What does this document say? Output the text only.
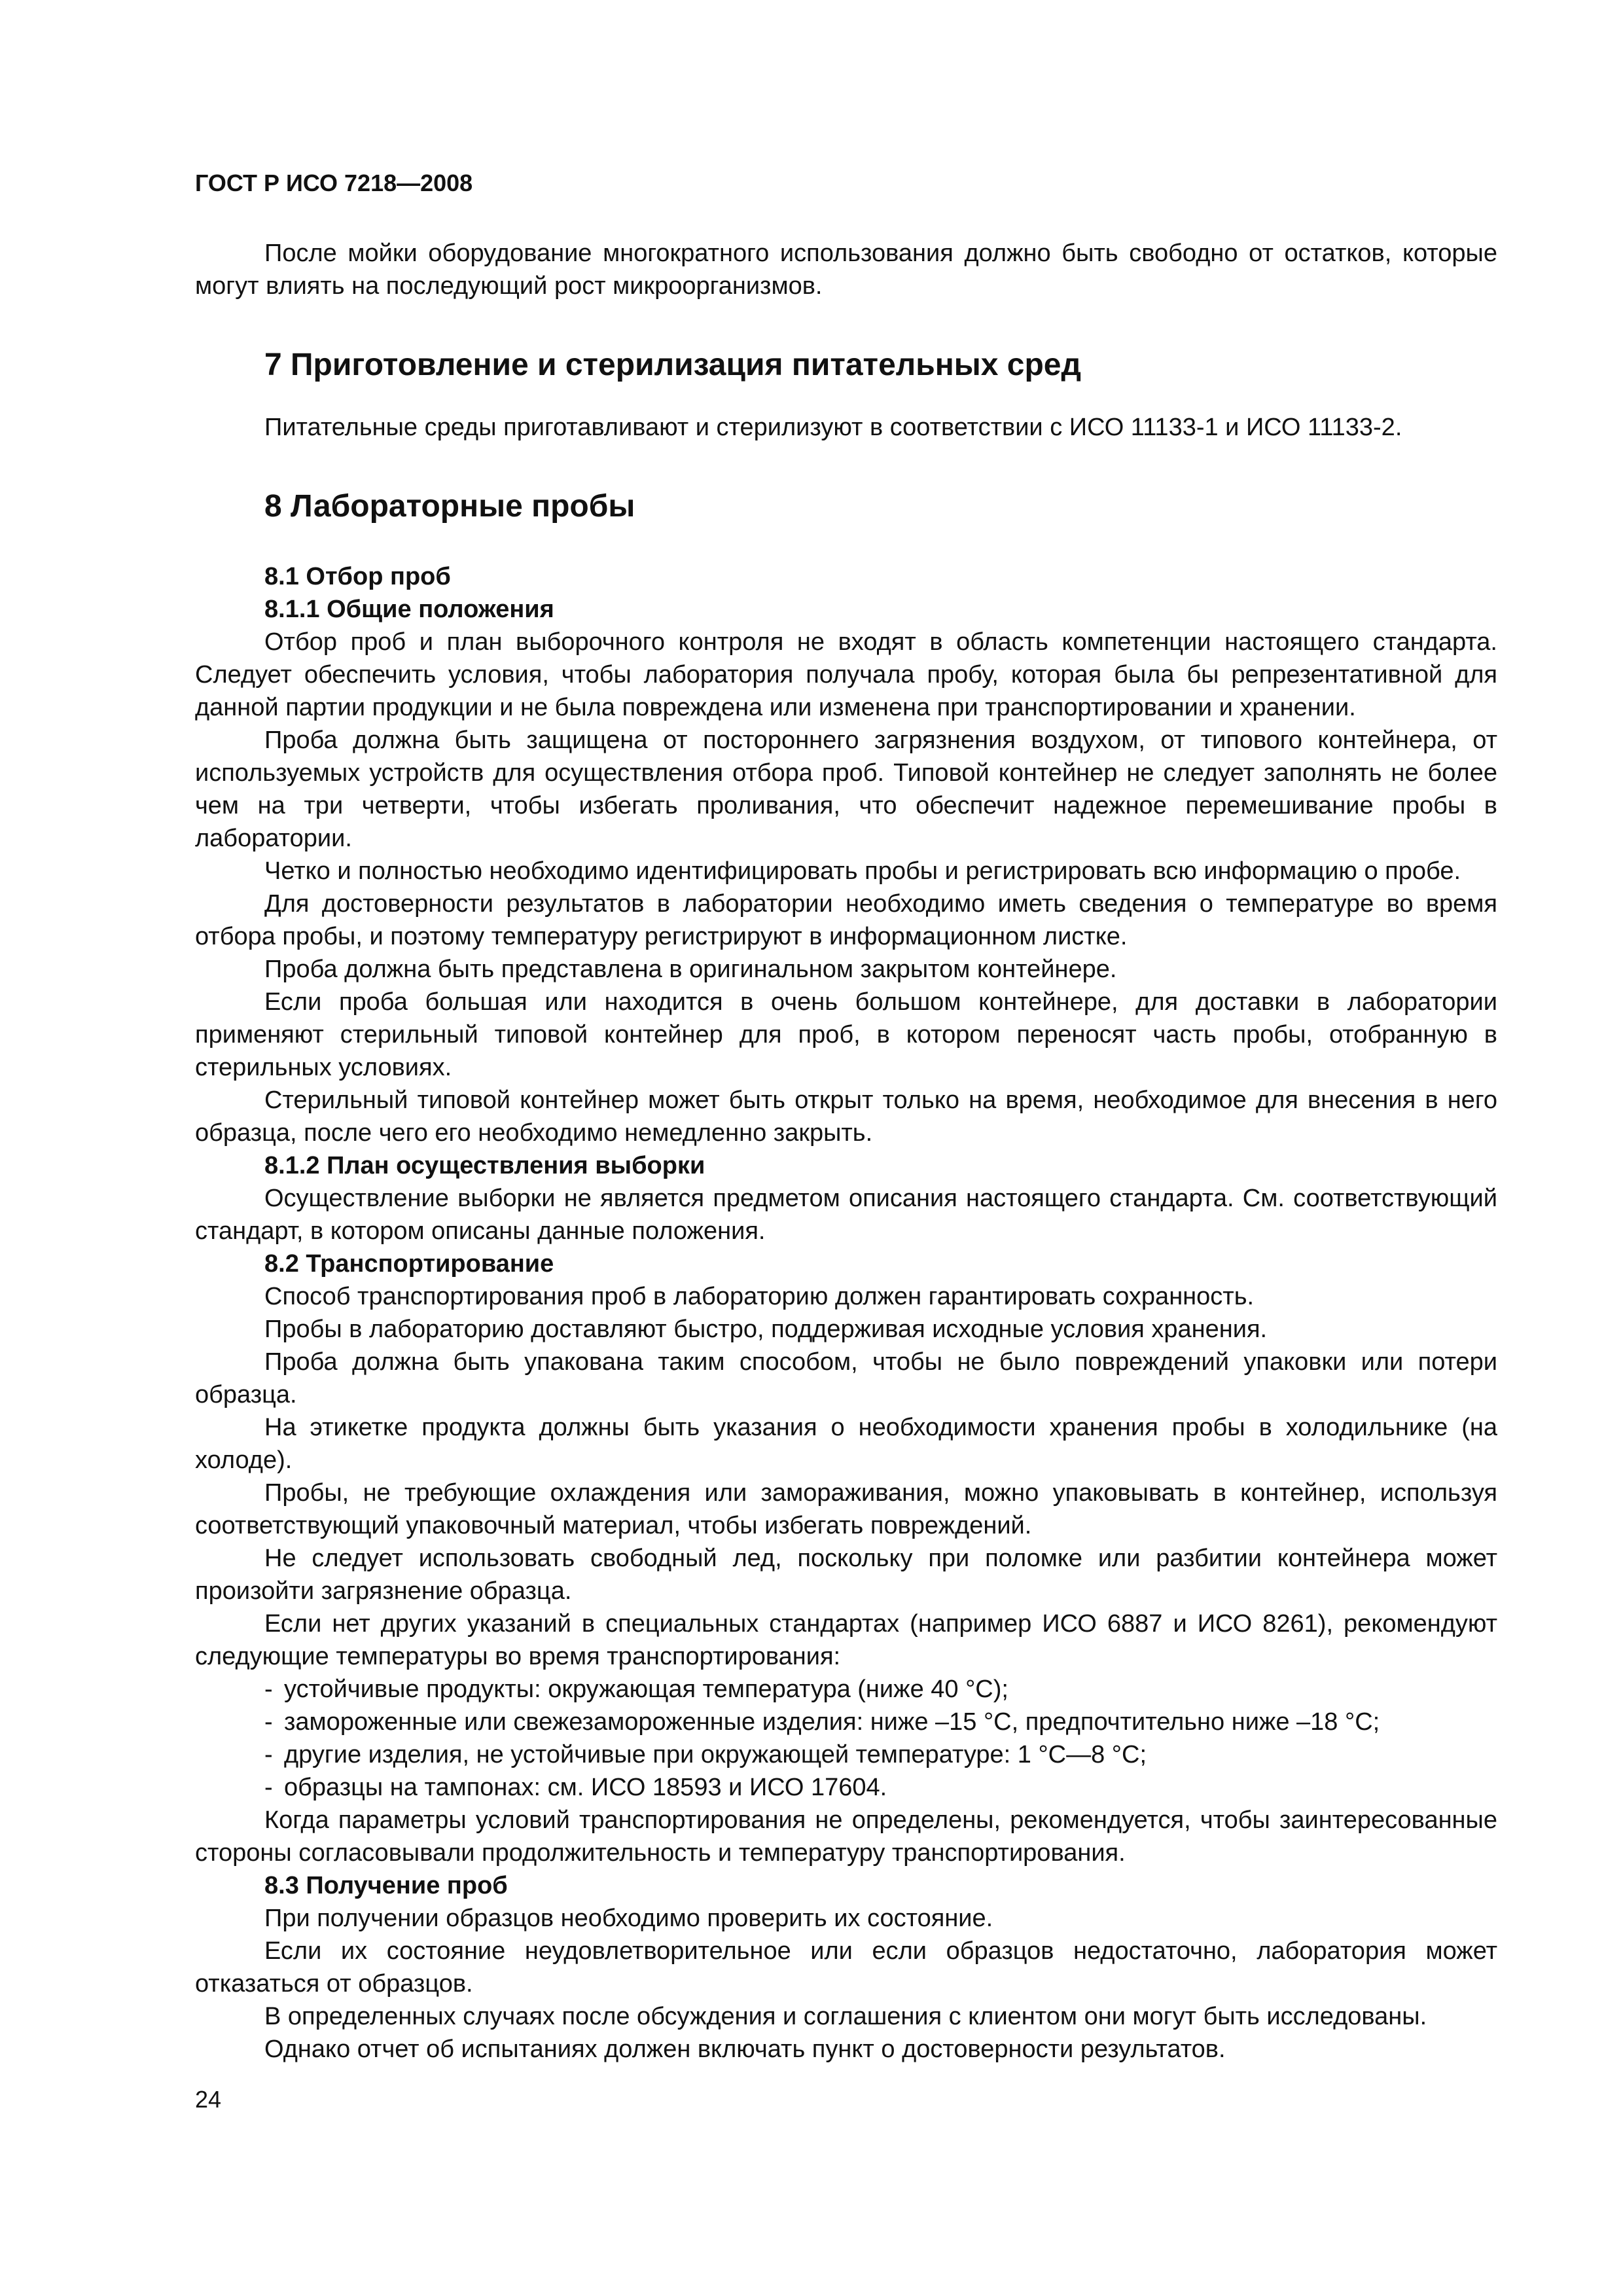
ГОСТ Р ИСО 7218—2008

После мойки оборудование многократного использования должно быть свободно от остатков, которые могут влиять на последующий рост микроорганизмов.

7 Приготовление и стерилизация питательных сред

Питательные среды приготавливают и стерилизуют в соответствии с ИСО 11133-1 и ИСО 11133-2.

8 Лабораторные пробы
8.1 Отбор проб
8.1.1 Общие положения

Отбор проб и план выборочного контроля не входят в область компетенции настоящего стандарта. Следует обеспечить условия, чтобы лаборатория получала пробу, которая была бы репрезентативной для данной партии продукции и не была повреждена или изменена при транспортировании и хранении.

Проба должна быть защищена от постороннего загрязнения воздухом, от типового контейнера, от используемых устройств для осуществления отбора проб. Типовой контейнер не следует заполнять не более чем на три четверти, чтобы избегать проливания, что обеспечит надежное перемешивание пробы в лаборатории.

Четко и полностью необходимо идентифицировать пробы и регистрировать всю информацию о пробе.

Для достоверности результатов в лаборатории необходимо иметь сведения о температуре во время отбора пробы, и поэтому температуру регистрируют в информационном листке.

Проба должна быть представлена в оригинальном закрытом контейнере.

Если проба большая или находится в очень большом контейнере, для доставки в лаборатории применяют стерильный типовой контейнер для проб, в котором переносят часть пробы, отобранную в стерильных условиях.

Стерильный типовой контейнер может быть открыт только на время, необходимое для внесения в него образца, после чего его необходимо немедленно закрыть.

8.1.2 План осуществления выборки

Осуществление выборки не является предметом описания настоящего стандарта. См. соответствующий стандарт, в котором описаны данные положения.

8.2 Транспортирование

Способ транспортирования проб в лабораторию должен гарантировать сохранность.

Пробы в лабораторию доставляют быстро, поддерживая исходные условия хранения.

Проба должна быть упакована таким способом, чтобы не было повреждений упаковки или потери образца.

На этикетке продукта должны быть указания о необходимости хранения пробы в холодильнике (на холоде).

Пробы, не требующие охлаждения или замораживания, можно упаковывать в контейнер, используя соответствующий упаковочный материал, чтобы избегать повреждений.

Не следует использовать свободный лед, поскольку при поломке или разбитии контейнера может произойти загрязнение образца.

Если нет других указаний в специальных стандартах (например ИСО 6887 и ИСО 8261), рекомендуют следующие температуры во время транспортирования:

- устойчивые продукты: окружающая температура (ниже 40 °С);
- замороженные или свежезамороженные изделия: ниже –15 °С, предпочтительно ниже –18 °С;
- другие изделия, не устойчивые при окружающей температуре: 1 °С—8 °С;
- образцы на тампонах: см. ИСО 18593 и ИСО 17604.

Когда параметры условий транспортирования не определены, рекомендуется, чтобы заинтересованные стороны согласовывали продолжительность и температуру транспортирования.

8.3 Получение проб

При получении образцов необходимо проверить их состояние.

Если их состояние неудовлетворительное или если образцов недостаточно, лаборатория может отказаться от образцов.

В определенных случаях после обсуждения и соглашения с клиентом они могут быть исследованы.

Однако отчет об испытаниях должен включать пункт о достоверности результатов.

24
